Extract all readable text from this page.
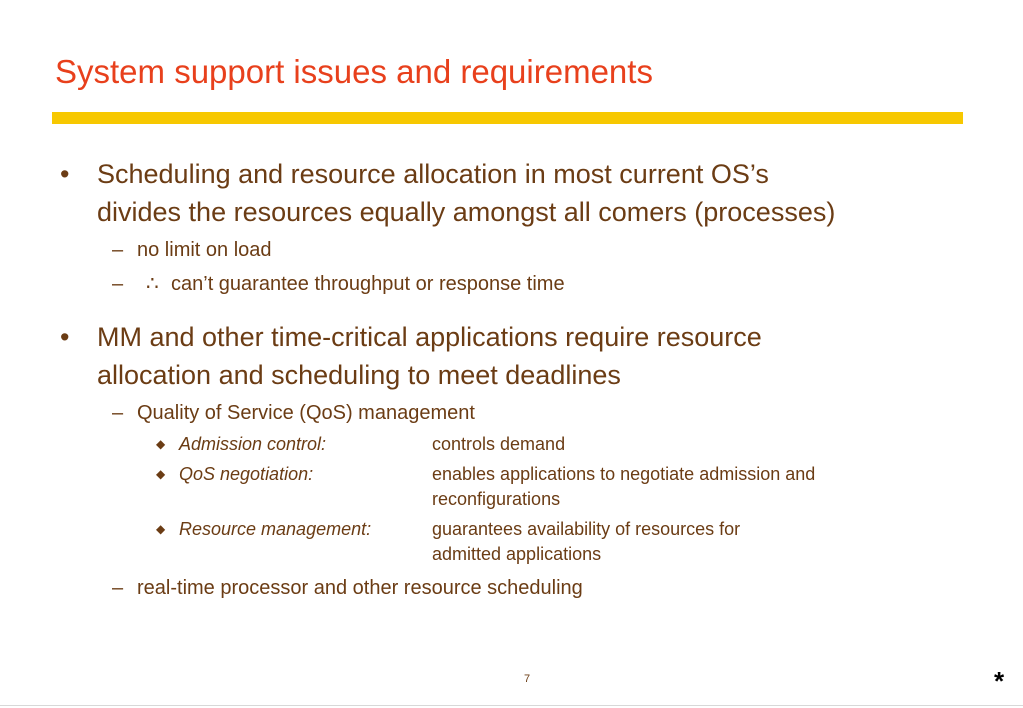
System support issues and requirements
•	Scheduling and resource allocation in most current OS’s
divides the resources equally amongst all comers (processes)
– no limit on load
– ∴ can’t guarantee throughput or response time
•	MM and other time-critical applications require resource
allocation and scheduling to meet deadlines
– Quality of Service (QoS) management
◆ Admission control:	controls demand
◆ QoS negotiation:	enables applications to negotiate admission and
reconfigurations
◆ Resource management:	guarantees availability of resources for
admitted applications
– real-time processor and other resource scheduling
7	*
